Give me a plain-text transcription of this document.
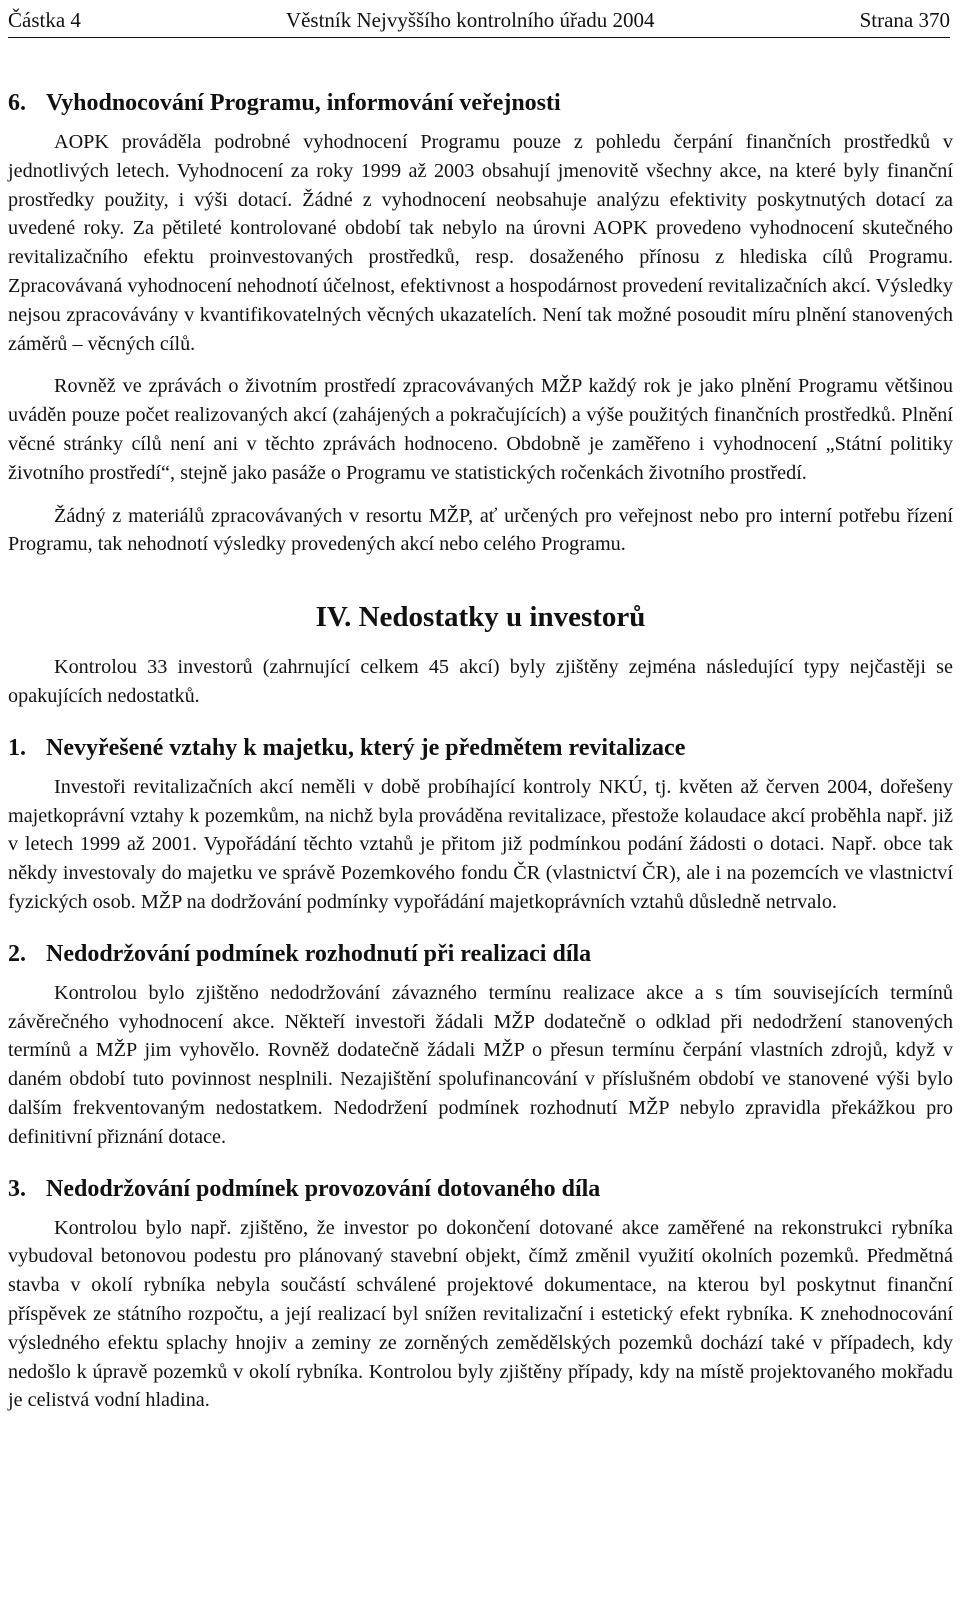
Částka 4	Věstník Nejvyššího kontrolního úřadu 2004	Strana 370
6. Vyhodnocování Programu, informování veřejnosti

AOPK prováděla podrobné vyhodnocení Programu pouze z pohledu čerpání finančních prostředků v jednotlivých letech. Vyhodnocení za roky 1999 až 2003 obsahují jmenovitě všechny akce, na které byly finanční prostředky použity, i výši dotací. Žádné z vyhodnocení neobsahuje analýzu efektivity poskytnutých dotací za uvedené roky. Za pětileté kontrolované období tak nebylo na úrovni AOPK provedeno vyhodnocení skutečného revitalizačního efektu proinvestovaných prostředků, resp. dosaženého přínosu z hlediska cílů Programu. Zpracovávaná vyhodnocení nehodnotí účelnost, efektivnost a hospodárnost provedení revitalizačních akcí. Výsledky nejsou zpracovávány v kvantifikovatelných věcných ukazatelích. Není tak možné posoudit míru plnění stanovených záměrů – věcných cílů.

Rovněž ve zprávách o životním prostředí zpracovávaných MŽP každý rok je jako plnění Programu většinou uváděn pouze počet realizovaných akcí (zahájených a pokračujících) a výše použitých finančních prostředků. Plnění věcné stránky cílů není ani v těchto zprávách hodnoceno. Obdobně je zaměřeno i vyhodnocení „Státní politiky životního prostředí“, stejně jako pasáže o Programu ve statistických ročenkách životního prostředí.

Žádný z materiálů zpracovávaných v resortu MŽP, ať určených pro veřejnost nebo pro interní potřebu řízení Programu, tak nehodnotí výsledky provedených akcí nebo celého Programu.

IV. Nedostatky u investorů

Kontrolou 33 investorů (zahrnující celkem 45 akcí) byly zjištěny zejména následující typy nejčastěji se opakujících nedostatků.

1. Nevyřešené vztahy k majetku, který je předmětem revitalizace

Investoři revitalizačních akcí neměli v době probíhající kontroly NKÚ, tj. květen až červen 2004, dořešeny majetkoprávní vztahy k pozemkům, na nichž byla prováděna revitalizace, přestože kolaudace akcí proběhla např. již v letech 1999 až 2001. Vypořádání těchto vztahů je přitom již podmínkou podání žádosti o dotaci. Např. obce tak někdy investovaly do majetku ve správě Pozemkového fondu ČR (vlastnictví ČR), ale i na pozemcích ve vlastnictví fyzických osob. MŽP na dodržování podmínky vypořádání majetkoprávních vztahů důsledně netrvalo.

2. Nedodržování podmínek rozhodnutí při realizaci díla

Kontrolou bylo zjištěno nedodržování závazného termínu realizace akce a s tím souvisejících termínů závěrečného vyhodnocení akce. Někteří investoři žádali MŽP dodatečně o odklad při nedodržení stanovených termínů a MŽP jim vyhovělo. Rovněž dodatečně žádali MŽP o přesun termínu čerpání vlastních zdrojů, když v daném období tuto povinnost nesplnili. Nezajištění spolufinancování v příslušném období ve stanovené výši bylo dalším frekventovaným nedostatkem. Nedodržení podmínek rozhodnutí MŽP nebylo zpravidla překážkou pro definitivní přiznání dotace.

3. Nedodržování podmínek provozování dotovaného díla

Kontrolou bylo např. zjištěno, že investor po dokončení dotované akce zaměřené na rekonstrukci rybníka vybudoval betonovou podestu pro plánovaný stavební objekt, čímž změnil využití okolních pozemků. Předmětná stavba v okolí rybníka nebyla součástí schválené projektové dokumentace, na kterou byl poskytnut finanční příspěvek ze státního rozpočtu, a její realizací byl snížen revitalizační i estetický efekt rybníka. K znehodnocování výsledného efektu splachy hnojiv a zeminy ze zorněných zemědělských pozemků dochází také v případech, kdy nedošlo k úpravě pozemků v okolí rybníka. Kontrolou byly zjištěny případy, kdy na místě projektovaného mokřadu je celistvá vodní hladina.
